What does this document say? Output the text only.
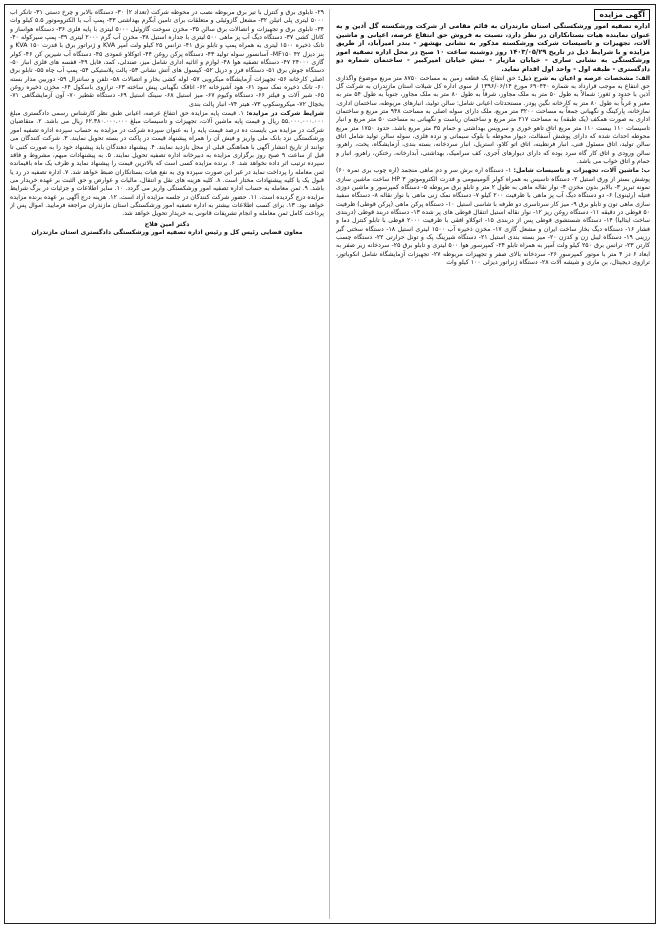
آگهی مزایده

اداره تصفیه امور ورشکستگی استان مازندران به قائم مقامی از شرکت ورشکسته گل آذین و به عنوان نماینده هیات بستانکاران در نظر دارد، نسبت به فروش حق انتفاع عرصه، اعیانی و ماشین آلات، تجهیزات و تاسیسات شرکت ورشکسته مذکور به نشانی بهشهر - بندر امیرآباد، از طریق مزایده و با شرایط ذیل در تاریخ ۱۴۰۳/۰۵/۲۹ روز دوشنبه ساعت ۱۰ صبح در محل اداره تصفیه امور ورشکستگی به نشانی ساری - خیابان مازیار - نبش خیابان امیرکبیر - ساختمان شماره دو دادگستری - طبقه اول - واحد اول اقدام نماید.

الف: مشخصات عرصه و اعیان به شرح ذیل: حق انتفاع یک قطعه زمین به مساحت ۸۷۵۰ متر مربع موضوع واگذاری حق انتفاع به موجب قرارداد به شماره ۶۹۰۴۴۰ مورخ ۱۳۹۶/۰۶/۱۴ از سوی اداره کل شیلات استان مازندران به شرکت گل آذین با حدود و ثغور: شمالاً به طول ۵۰ متر به ملک مجاور، شرقاً به طول ۸۰ متر به ملک مجاور، جنوباً به طول ۵۴ متر به معبر و غرباً به طول ۸۰ متر به کارخانه نگین پودر. مستحدثات اعیانی شامل: سالن تولید، انبارهای مربوطه، ساختمان اداری، نمازخانه، پارکینگ و نگهبانی جمعاً به مساحت ۳۲۰۰ متر مربع، ملک دارای سوله اصلی به مساحت ۹۴۸ متر مربع و ساختمان اداری به صورت همکف (یک طبقه) به مساحت ۲۱۷ متر مربع و ساختمان ریاست و نگهبانی به مساحت ۵۰ متر مربع و انبار تاسیسات ۱۱۰ بیست ۱۱۰ متر مربع اتاق تاهو خوری و سرویس بهداشتی و حمام ۳۵ متر مربع باشد. حدود ۱۷۵۰ متر مربع محوطه احداث شده که دارای پوشش آسفالت، دیوار محوطه با بلوک سیمانی و نرده فلزی، سوله سالن تولید شامل اتاق سالن تولید، اتاق مسئول فنی، انبار فرنطینه، اتاق اتو کلاو، استریل، انبار سردخانه، بسته بندی، آزمایشگاه، پخت، راهرو، سالن ورودی و اتاق کار گاه سرد بوده که دارای دیوارهای آجری، کف سرامیک، بهداشتی، آبدارخانه، رختکن، راهرو، انبار و حمام و اتاق خواب می باشد.

ب: ماشین آلات، تجهیزات و تاسیسات شامل: ۱- دستگاه اره برش سر و دم ماهی منجمد (اره چوب بری نمره ۶۰) پوشش بستر از ورق استیل ۲- دستگاه تاسیس به همراه کولر آلومینیومی و قدرت الکتروموتور HP ۳ ساخت ماشین سازی نمونه تبریز ۳- بالابر بدون مخزن ۴- نوار نقاله ماهی به طول ۲ متر و تابلو برق مربوطه ۵- دستگاه کمپرسور و ماشین دوزی فتیله (رئینوی) ۶- دو دستگاه دیگ آب پز ماهی با ظرفیت ۲۰۰ کیلو ۷- دستگاه نمک زنی ماهی با نوار نقاله ۸- دستگاه سفید سازی ماهی تون و تابلو برق ۹- میز کار سرتاسری دو طرفه با شاسی استیل ۱۰- دستگاه پرکن ماهی (پرکن قوطی) ظرفیت ۵۰ قوطی در دقیقه ۱۱- دستگاه روغن ریز ۱۲- نوار نقاله استیل انتقال قوطی های پر شده ۱۳- دستگاه دربند قوطی (دربندی ساخت ایتالیا) ۱۴- دستگاه شستشوی قوطی پس از دربندی ۱۵- اتوکلاو افقی با ظرفیت ۲۰۰۰ قوطی با تابلو کنترل دما و فشار ۱۶- دستگاه دیگ بخار ساخت ایران و مشعل گازی ۱۷- مخزن ذخیره آب ۱۵۰۰ لیتری استیل ۱۸- دستگاه سختی گیر رزینی ۱۹- دستگاه لیبل زن و کدزن ۲۰- میز بسته بندی استیل ۲۱- دستگاه شیرینگ پک و تونل حرارتی ۲۲- دستگاه چسب کارتن ۲۳- ترانس برق ۲۵۰ کیلو ولت آمپر به همراه تابلو ۲۴- کمپرسور هوا ۵۰۰ لیتری و تابلو برق ۲۵- سردخانه زیر صفر به ابعاد ۶ در ۴ متر با موتور کمپرسور ۲۶- سردخانه بالای صفر و تجهیزات مربوطه ۲۷- تجهیزات آزمایشگاه شامل انکوباتور، ترازوی دیجیتال، بن ماری و شیشه آلات ۲۸- دستگاه ژنراتور دیزلی ۱۰۰ کیلو وات

۲۹- تابلوی برق و کنترل با تیر برق مربوطه نصب در محوطه شرکت (تعداد ۲) ۳۰- دستگاه بالابر و چرخ دستی ۳۱- تانکر آب ۵۰۰۰ لیتری پلی اتیلن ۳۲- مشعل گازوئیلی و متعلقات برای تامین آبگرم بهداشتی ۳۳- پمپ آب با الکتروموتور ۵.۵ کیلو وات ۳۴- تابلوی برق و تجهیزات و اتصالات برق سالن ۳۵- مخزن سوخت گازوئیل ۵۰۰۰ لیتری با پایه فلزی ۳۶- دستگاه هواساز و کانال کشی ۳۷- دستگاه دیگ آب پز ماهی ۵۰۰ لیتری با جداره استیل ۳۸- مخزن آب گرم ۲۰۰۰ لیتری ۳۹- پمپ سیرکوله ۴۰- تانک ذخیره ۱۵۰۰ لیتری به همراه پمپ و تابلو برق ۴۱- ترانس ۲۵ کیلو ولت آمپر KVA و ژنراتور برق با قدرت KVA ۱۵۰ و بنز دیزل MF۱۵۰ ۴۲- آسانسور سوله تولید ۴۳- دستگاه پرکن روغن ۴۴- اتوکلاو عمودی ۴۵- دستگاه آب شیرین کن ۴۶- کولر گازی ۲۴۰۰۰ ۴۷- دستگاه تصفیه هوا ۴۸- لوازم و اثاثیه اداری شامل میز، صندلی، کمد، فایل ۴۹- قفسه های فلزی انبار ۵۰- دستگاه جوش برق ۵۱- دستگاه فرز و دریل ۵۲- کپسول های آتش نشانی ۵۳- پالت پلاستیکی ۵۴- پمپ آب چاه ۵۵- تابلو برق اصلی کارخانه ۵۶- تجهیزات آزمایشگاه میکروبی ۵۷- لوله کشی بخار و اتصالات ۵۸- تلفن و سانترال ۵۹- دوربین مدار بسته ۶۰- تانک ذخیره نمک سود ۶۱- هود آشپزخانه ۶۲- اتاقک نگهبانی پیش ساخته ۶۳- ترازوی باسکول ۶۴- مخزن ذخیره روغن ۶۵- شیر آلات و فیلتر ۶۶- دستگاه وکیوم ۶۷- میز استیل ۶۸- سینک استیل ۶۹- دستگاه تقطیر ۷۰- آون آزمایشگاهی ۷۱- یخچال ۷۲- میکروسکوپ ۷۳- هیتر ۷۴- انبار پالت بندی

شرایط شرکت در مزایده: ۱. قیمت پایه مزایده حق انتفاع عرصه، اعیانی طبق نظر کارشناس رسمی دادگستری مبلغ ۵۵.۰۰۰.۰۰۰.۰۰۰ ریال و قیمت پایه ماشین آلات، تجهیزات و تاسیسات مبلغ ۶۲.۳۸۰.۰۰۰.۰۰۰ ریال می باشد. ۲. متقاضیان شرکت در مزایده می بایست ده درصد قیمت پایه را به عنوان سپرده شرکت در مزایده به حساب سپرده اداره تصفیه امور ورشکستگی نزد بانک ملی واریز و فیش آن را همراه پیشنهاد قیمت در پاکت در بسته تحویل نمایند. ۳. شرکت کنندگان می توانند از تاریخ انتشار آگهی با هماهنگی قبلی از محل بازدید نمایند. ۴. پیشنهاد دهندگان باید پیشنهاد خود را به صورت کتبی تا قبل از ساعت ۹ صبح روز برگزاری مزایده به دبیرخانه اداره تصفیه تحویل نمایند. ۵. به پیشنهادات مبهم، مشروط و فاقد سپرده ترتیب اثر داده نخواهد شد. ۶. برنده مزایده کسی است که بالاترین قیمت را پیشنهاد نماید و ظرف یک ماه باقیمانده ثمن معامله را پرداخت نماید در غیر این صورت سپرده وی به نفع هیات بستانکاران ضبط خواهد شد. ۷. اداره تصفیه در رد یا قبول یک یا کلیه پیشنهادات مختار است. ۸. کلیه هزینه های نقل و انتقال، مالیات و عوارض و حق الثبت بر عهده خریدار می باشد. ۹. ثمن معامله به حساب اداره تصفیه امور ورشکستگی واریز می گردد. ۱۰. سایر اطلاعات و جزئیات در برگ شرایط مزایده درج گردیده است. ۱۱. حضور شرکت کنندگان در جلسه مزایده آزاد است. ۱۲. هزینه درج آگهی بر عهده برنده مزایده خواهد بود. ۱۳. برای کسب اطلاعات بیشتر به اداره تصفیه امور ورشکستگی استان مازندران مراجعه فرمایید. اموال پس از پرداخت کامل ثمن معامله و انجام تشریفات قانونی به خریدار تحویل خواهد شد.

دکتر امین فلاح
معاون قضایی رئیس کل و رئیس اداره تصفیه امور ورشکستگی دادگستری استان مازندران
